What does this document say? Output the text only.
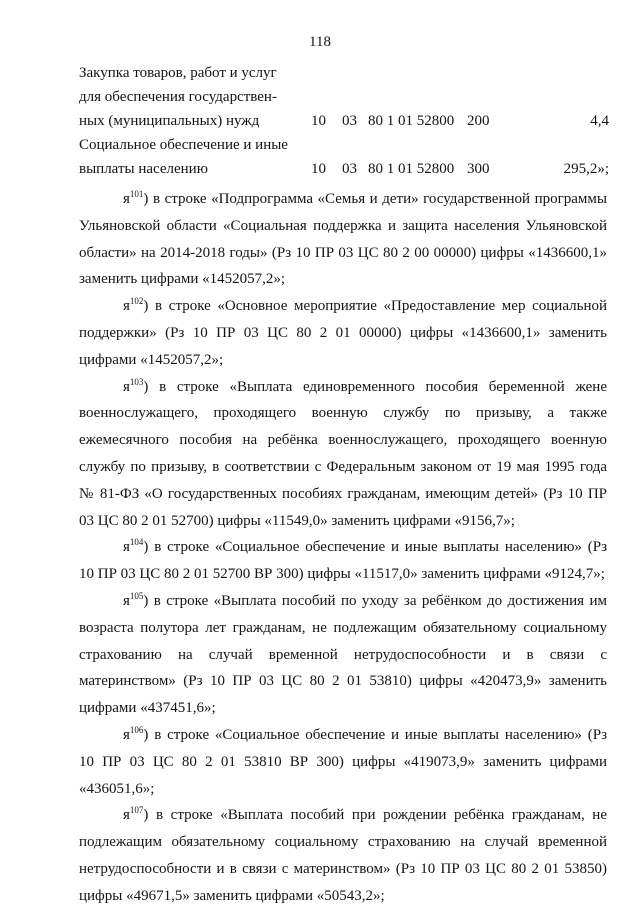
118
Закупка товаров, работ и услуг
для обеспечения государствен-
ных (муниципальных) нужд	10 03 80 1 01 52800 200	4,4
Социальное обеспечение и иные
выплаты населению	10 03 80 1 01 52800 300	295,2»;

$я^{101}$) в строке «Подпрограмма «Семья и дети» государственной программы Ульяновской области «Социальная поддержка и защита населения Ульяновской области» на 2014-2018 годы» (Рз 10 ПР 03 ЦС 80 2 00 00000) цифры «1436600,1» заменить цифрами «1452057,2»;

$я^{102}$) в строке «Основное мероприятие «Предоставление мер социальной поддержки» (Рз 10 ПР 03 ЦС 80 2 01 00000) цифры «1436600,1» заменить цифрами «1452057,2»;

$я^{103}$) в строке «Выплата единовременного пособия беременной жене военнослужащего, проходящего военную службу по призыву, а также ежемесячного пособия на ребёнка военнослужащего, проходящего военную службу по призыву, в соответствии с Федеральным законом от 19 мая 1995 года № 81-ФЗ «О государственных пособиях гражданам, имеющим детей» (Рз 10 ПР 03 ЦС 80 2 01 52700) цифры «11549,0» заменить цифрами «9156,7»;

$я^{104}$) в строке «Социальное обеспечение и иные выплаты населению» (Рз 10 ПР 03 ЦС 80 2 01 52700 ВР 300) цифры «11517,0» заменить цифрами «9124,7»;

$я^{105}$) в строке «Выплата пособий по уходу за ребёнком до достижения им возраста полутора лет гражданам, не подлежащим обязательному социальному страхованию на случай временной нетрудоспособности и в связи с материнством» (Рз 10 ПР 03 ЦС 80 2 01 53810) цифры «420473,9» заменить цифрами «437451,6»;

$я^{106}$) в строке «Социальное обеспечение и иные выплаты населению» (Рз 10 ПР 03 ЦС 80 2 01 53810 ВР 300) цифры «419073,9» заменить цифрами «436051,6»;

$я^{107}$) в строке «Выплата пособий при рождении ребёнка гражданам, не подлежащим обязательному социальному страхованию на случай временной нетрудоспособности и в связи с материнством» (Рз 10 ПР 03 ЦС 80 2 01 53850) цифры «49671,5» заменить цифрами «50543,2»;
